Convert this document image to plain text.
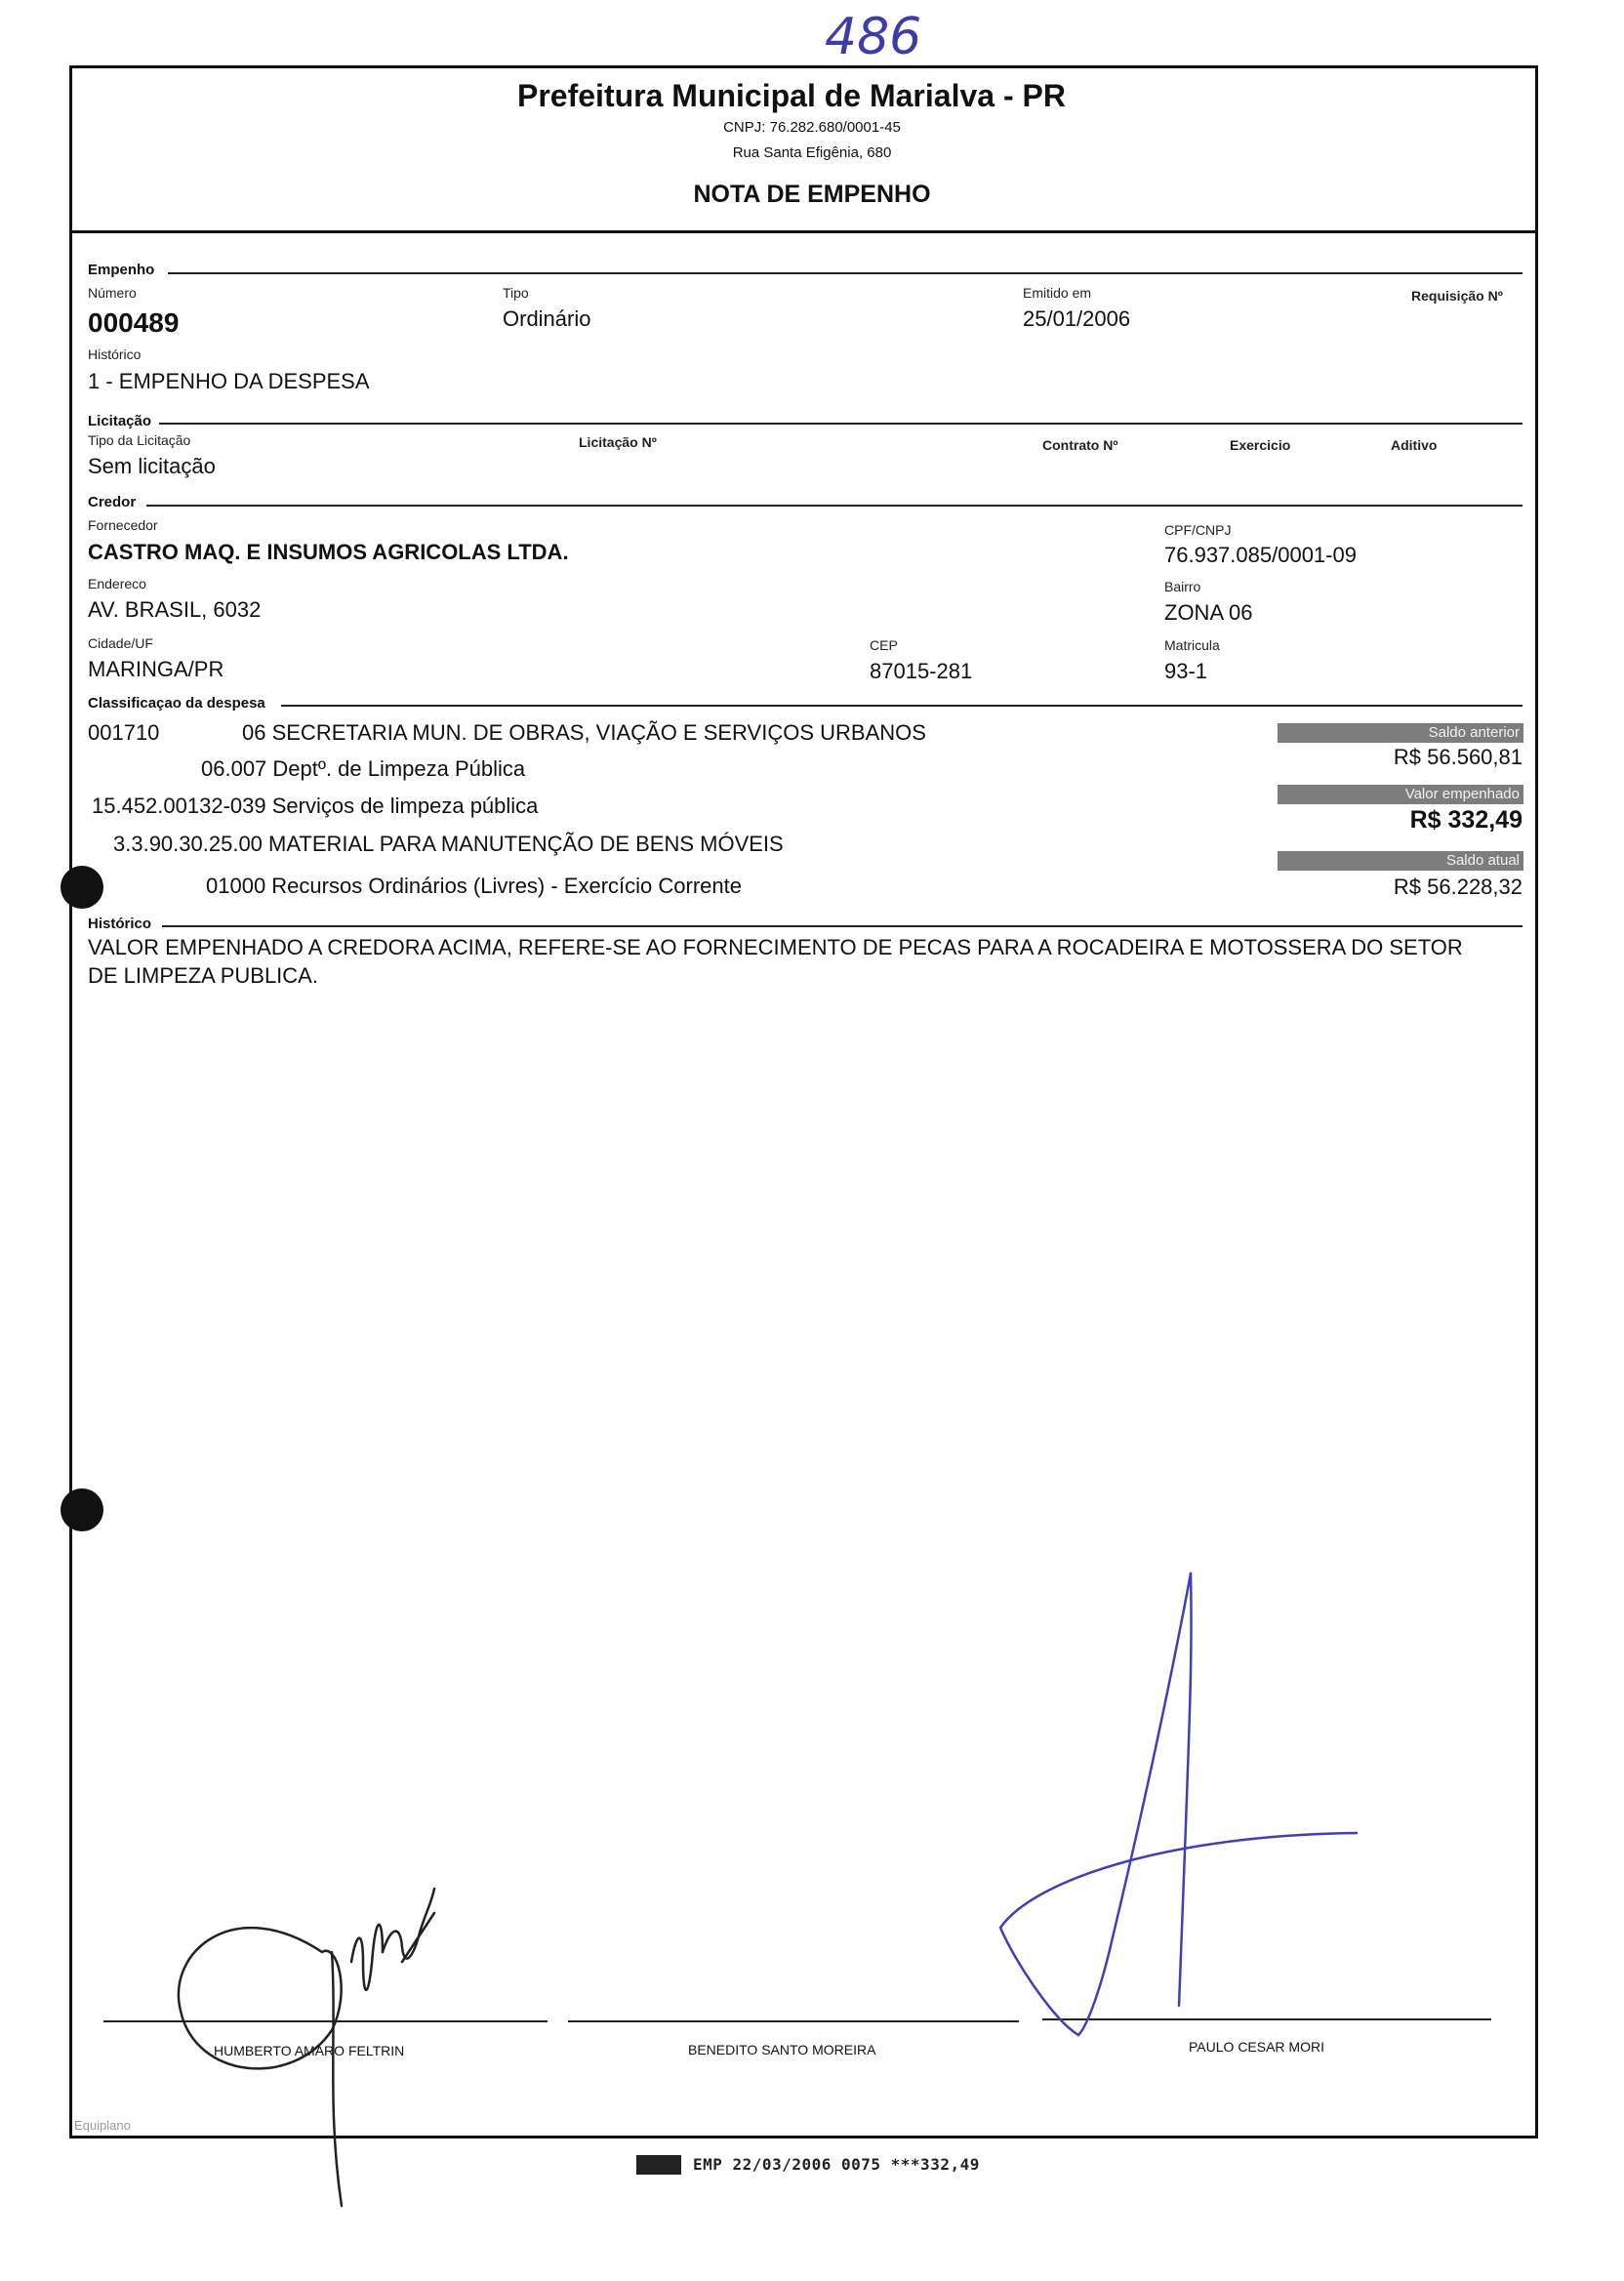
486
Prefeitura Municipal de Marialva - PR
CNPJ: 76.282.680/0001-45
Rua Santa Efigênia, 680
NOTA DE EMPENHO
Empenho
Número
000489
Tipo
Ordinário
Emitido em
25/01/2006
Requisição Nº
Histórico
1 - EMPENHO DA DESPESA
Licitação
Tipo da Licitação
Sem licitação
Licitação Nº	Contrato Nº	Exercicio	Aditivo
Credor
Fornecedor
CASTRO MAQ. E INSUMOS AGRICOLAS LTDA.
CPF/CNPJ
76.937.085/0001-09
Endereco
AV. BRASIL, 6032
Bairro
ZONA 06
Cidade/UF
MARINGA/PR
CEP
87015-281
Matricula
93-1
Classificaçao da despesa
001710	06 SECRETARIA MUN. DE OBRAS, VIAÇÃO E SERVIÇOS URBANOS
06.007 Deptº. de Limpeza Pública
15.452.00132-039 Serviços de limpeza pública
3.3.90.30.25.00 MATERIAL PARA MANUTENÇÃO DE BENS MÓVEIS
01000 Recursos Ordinários (Livres) - Exercício Corrente
Saldo anterior
R$ 56.560,81
Valor empenhado
R$ 332,49
Saldo atual
R$ 56.228,32
Histórico
VALOR EMPENHADO A CREDORA ACIMA, REFERE-SE AO FORNECIMENTO DE PECAS PARA A ROCADEIRA E MOTOSSERA DO SETOR
DE LIMPEZA PUBLICA.
HUMBERTO AMARO FELTRIN	BENEDITO SANTO MOREIRA	PAULO CESAR MORI
Equiplano
EMP 22/03/2006 0075 ***332,49
